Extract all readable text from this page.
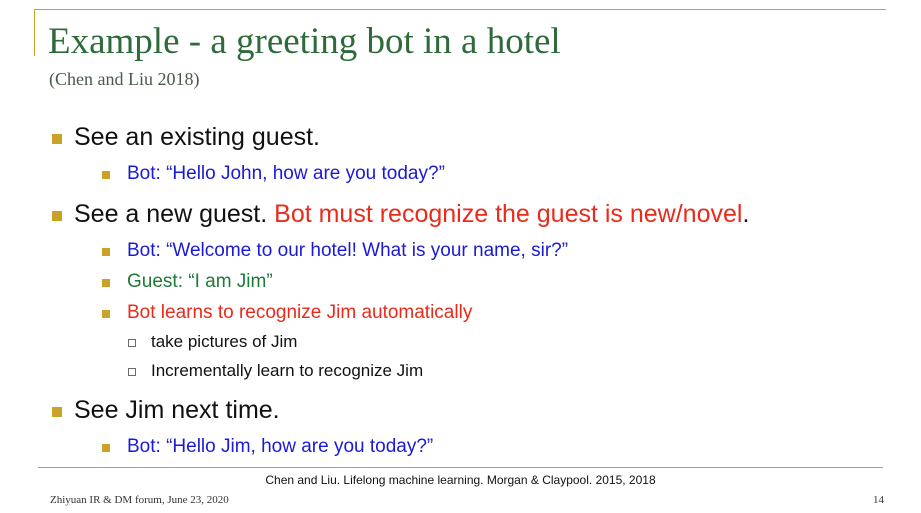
Example - a greeting bot in a hotel
(Chen and Liu 2018)
See an existing guest.
Bot: “Hello John, how are you today?”
See a new guest. Bot must recognize the guest is new/novel.
Bot: “Welcome to our hotel! What is your name, sir?”
Guest: “I am Jim”
Bot learns to recognize Jim automatically
take pictures of Jim
Incrementally learn to recognize Jim
See Jim next time.
Bot: “Hello Jim, how are you today?”
Chen and Liu. Lifelong machine learning. Morgan & Claypool. 2015, 2018
Zhiyuan IR & DM forum, June 23, 2020	14
